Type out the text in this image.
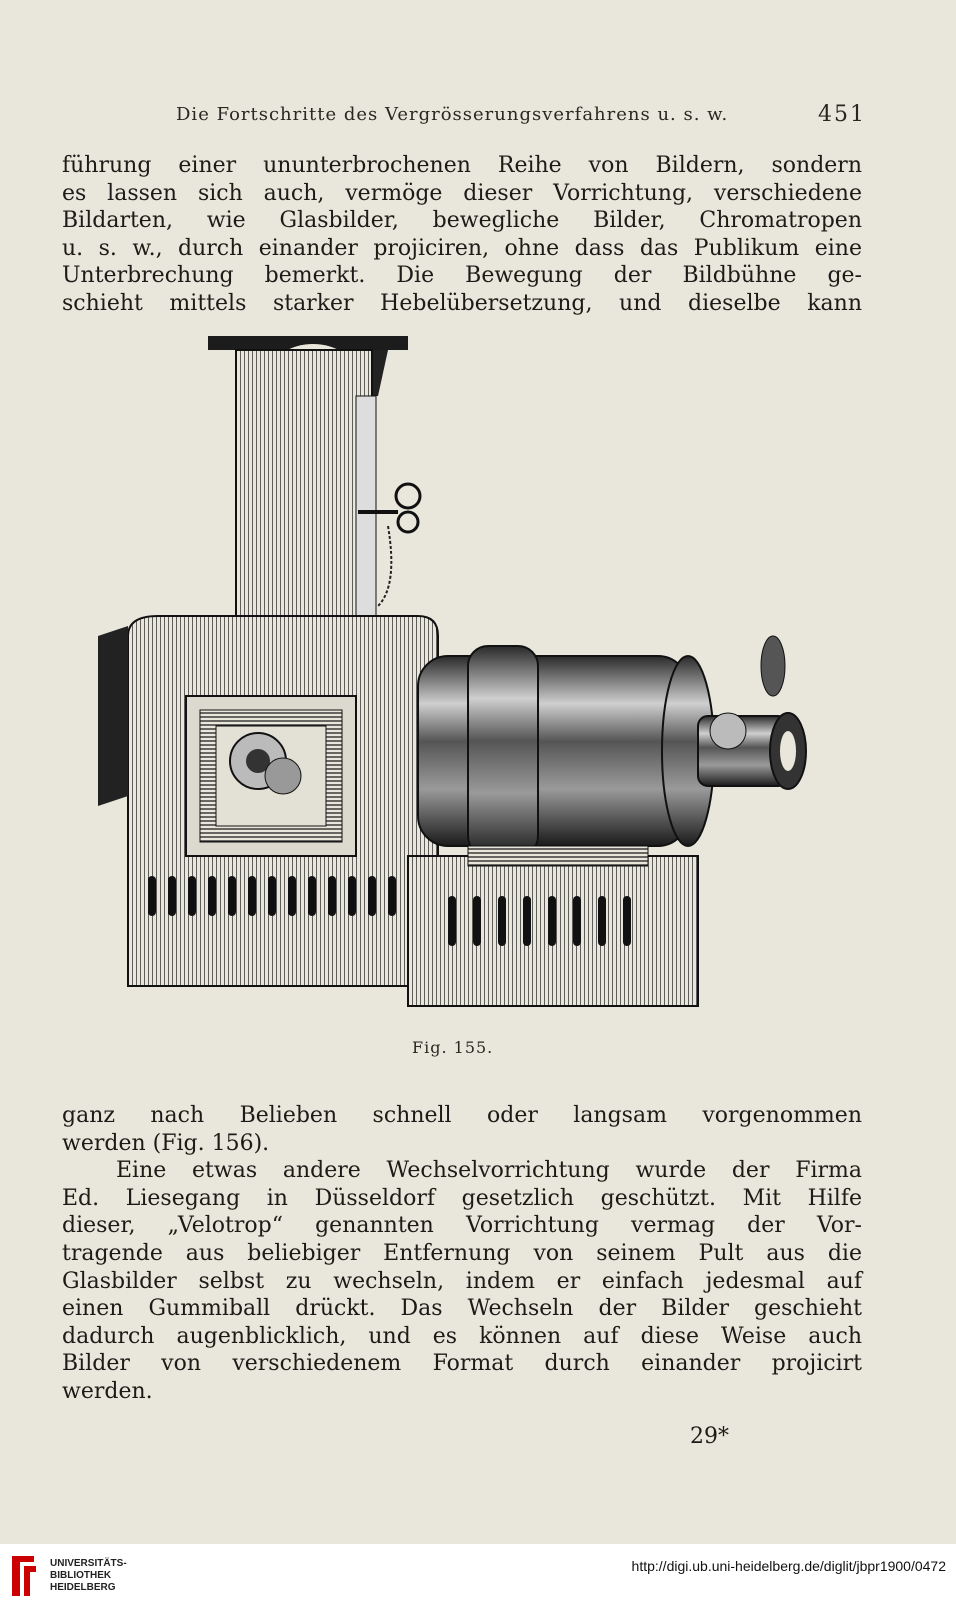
Die Fortschritte des Vergrösserungsverfahrens u. s. w.	451
führung einer ununterbrochenen Reihe von Bildern, sondern
es lassen sich auch, vermöge dieser Vorrichtung, verschiedene
Bildarten, wie Glasbilder, bewegliche Bilder, Chromatropen
u. s. w., durch einander projiciren, ohne dass das Publikum eine
Unterbrechung bemerkt. Die Bewegung der Bildbühne ge-
schieht mittels starker Hebelübersetzung, und dieselbe kann
Fig. 155.
ganz nach Belieben schnell oder langsam vorgenommen
werden (Fig. 156).
Eine etwas andere Wechselvorrichtung wurde der Firma
Ed. Liesegang in Düsseldorf gesetzlich geschützt. Mit Hilfe
dieser, „Velotrop“ genannten Vorrichtung vermag der Vor-
tragende aus beliebiger Entfernung von seinem Pult aus die
Glasbilder selbst zu wechseln, indem er einfach jedesmal auf
einen Gummiball drückt. Das Wechseln der Bilder geschieht
dadurch augenblicklich, und es können auf diese Weise auch
Bilder von verschiedenem Format durch einander projicirt
werden.
29*
UNIVERSITÄTS-
BIBLIOTHEK
HEIDELBERG
http://digi.ub.uni-heidelberg.de/diglit/jbpr1900/0472
